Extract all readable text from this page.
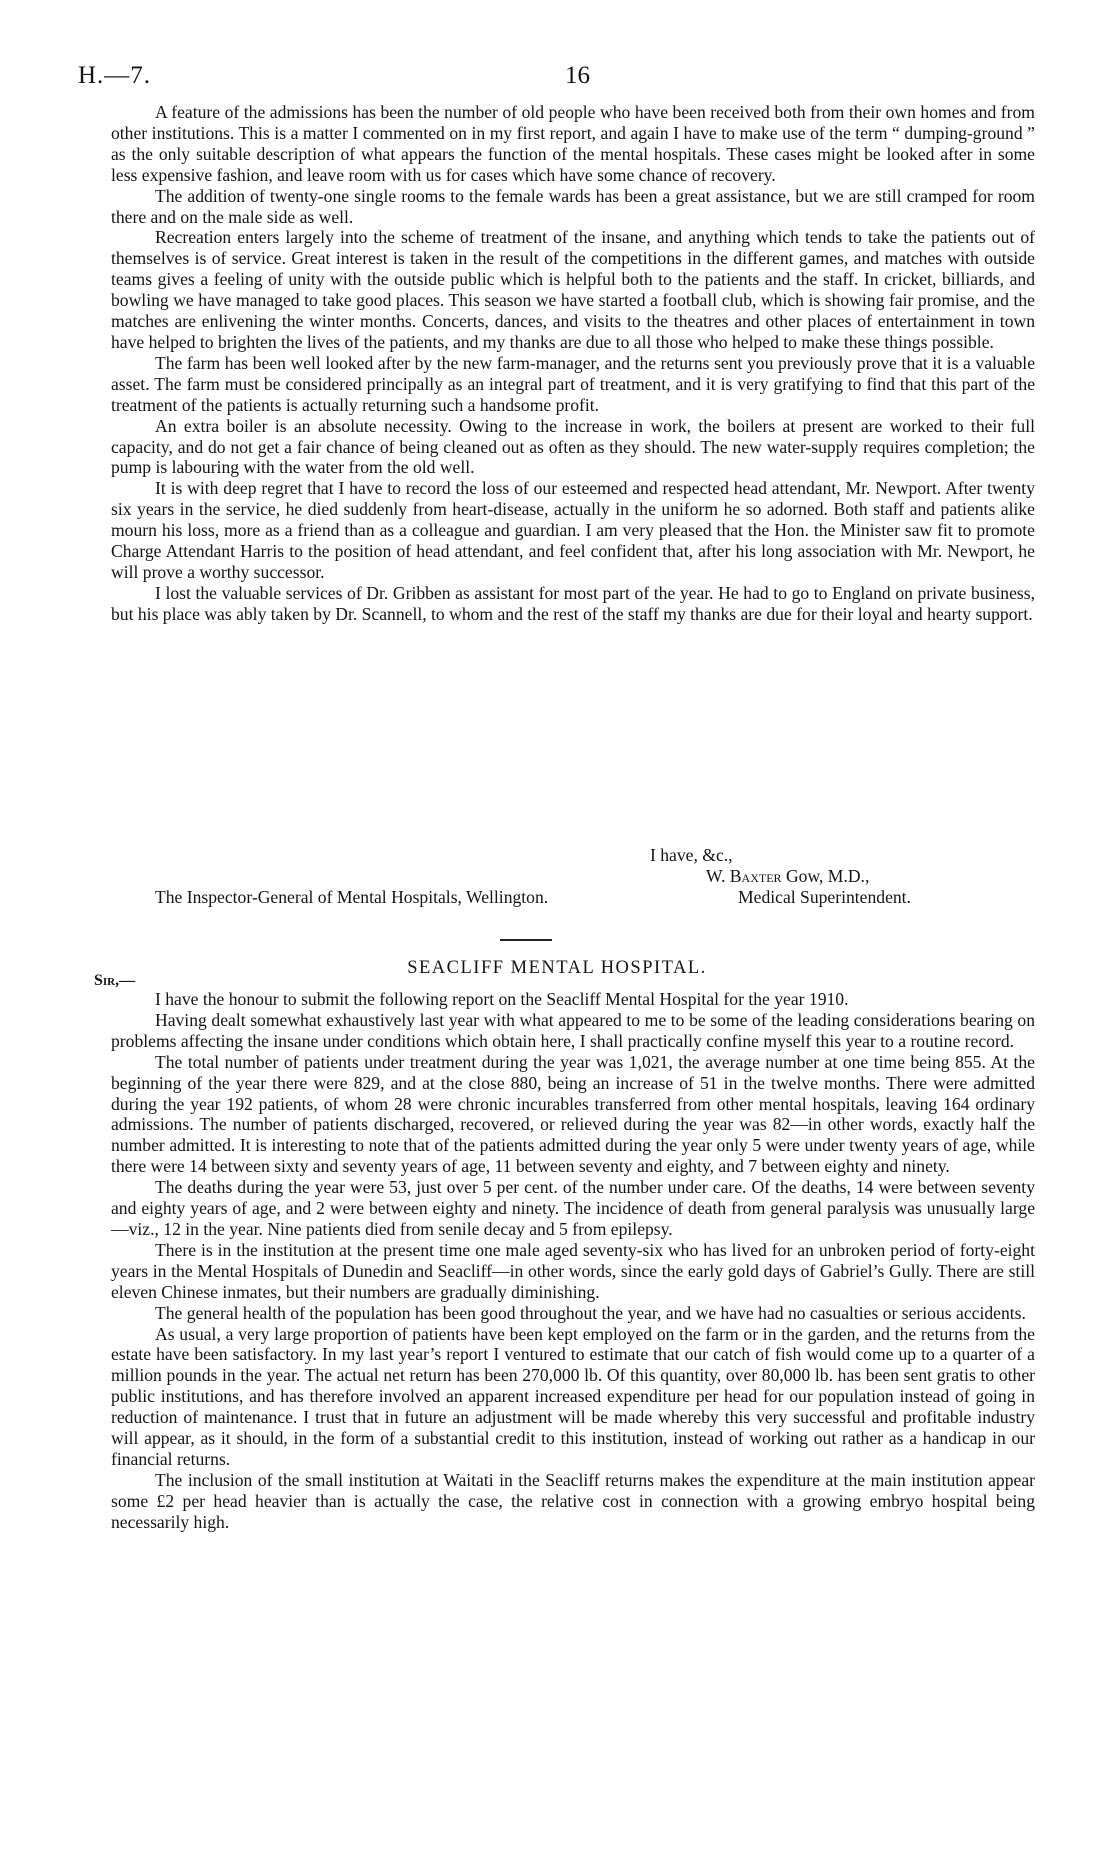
H.—7.	16

A feature of the admissions has been the number of old people who have been received both from their own homes and from other institutions. This is a matter I commented on in my first report, and again I have to make use of the term “ dumping-ground ” as the only suitable description of what appears the function of the mental hospitals. These cases might be looked after in some less expensive fashion, and leave room with us for cases which have some chance of recovery.

The addition of twenty-one single rooms to the female wards has been a great assistance, but we are still cramped for room there and on the male side as well.

Recreation enters largely into the scheme of treatment of the insane, and anything which tends to take the patients out of themselves is of service. Great interest is taken in the result of the competitions in the different games, and matches with outside teams gives a feeling of unity with the outside public which is helpful both to the patients and the staff. In cricket, billiards, and bowling we have managed to take good places. This season we have started a football club, which is showing fair promise, and the matches are enlivening the winter months. Concerts, dances, and visits to the theatres and other places of entertainment in town have helped to brighten the lives of the patients, and my thanks are due to all those who helped to make these things possible.

The farm has been well looked after by the new farm-manager, and the returns sent you previously prove that it is a valuable asset. The farm must be considered principally as an integral part of treatment, and it is very gratifying to find that this part of the treatment of the patients is actually returning such a handsome profit.

An extra boiler is an absolute necessity. Owing to the increase in work, the boilers at present are worked to their full capacity, and do not get a fair chance of being cleaned out as often as they should. The new water-supply requires completion; the pump is labouring with the water from the old well.

It is with deep regret that I have to record the loss of our esteemed and respected head attendant, Mr. Newport. After twenty six years in the service, he died suddenly from heart-disease, actually in the uniform he so adorned. Both staff and patients alike mourn his loss, more as a friend than as a colleague and guardian. I am very pleased that the Hon. the Minister saw fit to promote Charge Attendant Harris to the position of head attendant, and feel confident that, after his long association with Mr. Newport, he will prove a worthy successor.

I lost the valuable services of Dr. Gribben as assistant for most part of the year. He had to go to England on private business, but his place was ably taken by Dr. Scannell, to whom and the rest of the staff my thanks are due for their loyal and hearty support.

I have, &c.,
W. Baxter Gow, M.D.,
The Inspector-General of Mental Hospitals, Wellington.	Medical Superintendent.
SEACLIFF MENTAL HOSPITAL.
Sir,—

I have the honour to submit the following report on the Seacliff Mental Hospital for the year 1910.

Having dealt somewhat exhaustively last year with what appeared to me to be some of the leading considerations bearing on problems affecting the insane under conditions which obtain here, I shall practically confine myself this year to a routine record.

The total number of patients under treatment during the year was 1,021, the average number at one time being 855. At the beginning of the year there were 829, and at the close 880, being an increase of 51 in the twelve months. There were admitted during the year 192 patients, of whom 28 were chronic incurables transferred from other mental hospitals, leaving 164 ordinary admissions. The number of patients discharged, recovered, or relieved during the year was 82—in other words, exactly half the number admitted. It is interesting to note that of the patients admitted during the year only 5 were under twenty years of age, while there were 14 between sixty and seventy years of age, 11 between seventy and eighty, and 7 between eighty and ninety.

The deaths during the year were 53, just over 5 per cent. of the number under care. Of the deaths, 14 were between seventy and eighty years of age, and 2 were between eighty and ninety. The incidence of death from general paralysis was unusually large—viz., 12 in the year. Nine patients died from senile decay and 5 from epilepsy.

There is in the institution at the present time one male aged seventy-six who has lived for an unbroken period of forty-eight years in the Mental Hospitals of Dunedin and Seacliff—in other words, since the early gold days of Gabriel’s Gully. There are still eleven Chinese inmates, but their numbers are gradually diminishing.

The general health of the population has been good throughout the year, and we have had no casualties or serious accidents.

As usual, a very large proportion of patients have been kept employed on the farm or in the garden, and the returns from the estate have been satisfactory. In my last year’s report I ventured to estimate that our catch of fish would come up to a quarter of a million pounds in the year. The actual net return has been 270,000 lb. Of this quantity, over 80,000 lb. has been sent gratis to other public institutions, and has therefore involved an apparent increased expenditure per head for our population instead of going in reduction of maintenance. I trust that in future an adjustment will be made whereby this very successful and profitable industry will appear, as it should, in the form of a substantial credit to this institution, instead of working out rather as a handicap in our financial returns.

The inclusion of the small institution at Waitati in the Seacliff returns makes the expenditure at the main institution appear some £2 per head heavier than is actually the case, the relative cost in connection with a growing embryo hospital being necessarily high.
